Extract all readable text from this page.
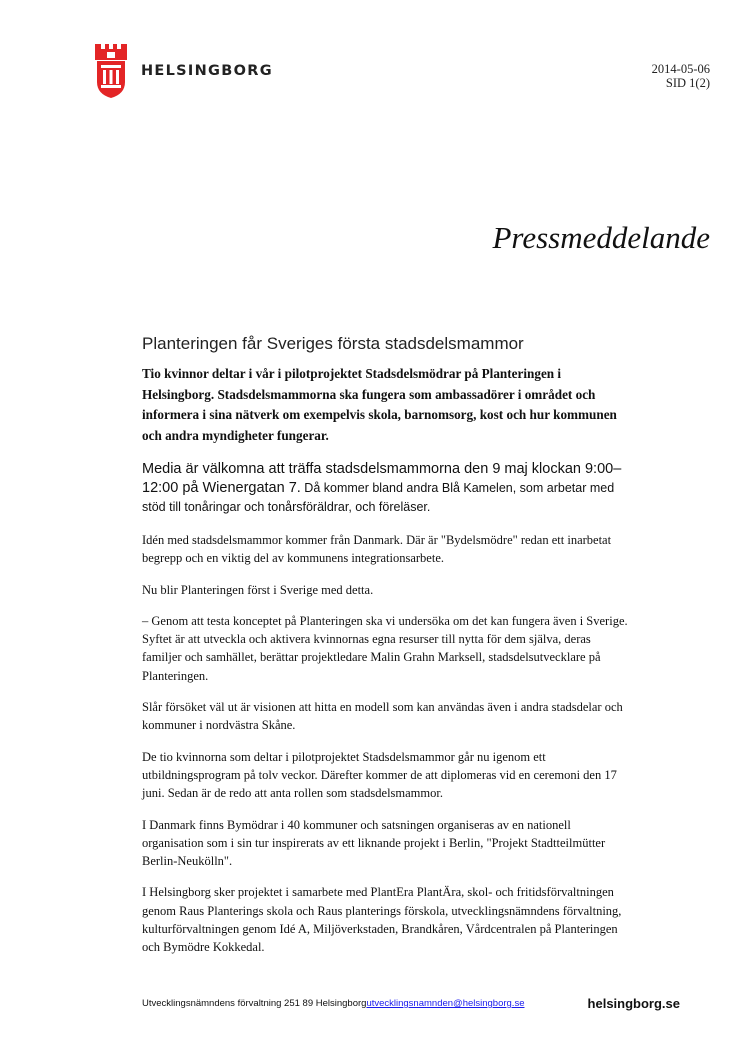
HELSINGBORG	2014-05-06
SID 1(2)
Pressmeddelande
Planteringen får Sveriges första stadsdelsmammor

Tio kvinnor deltar i vår i pilotprojektet Stadsdelsmödrar på Planteringen i Helsingborg. Stadsdelsmammorna ska fungera som ambassadörer i området och informera i sina nätverk om exempelvis skola, barnomsorg, kost och hur kommunen och andra myndigheter fungerar.

Media är välkomna att träffa stadsdelsmammorna den 9 maj klockan 9:00–12:00 på Wienergatan 7. Då kommer bland andra Blå Kamelen, som arbetar med stöd till tonåringar och tonårsföräldrar, och föreläser.

Idén med stadsdelsmammor kommer från Danmark. Där är "Bydelsmödre" redan ett inarbetat begrepp och en viktig del av kommunens integrationsarbete.

Nu blir Planteringen först i Sverige med detta.

– Genom att testa konceptet på Planteringen ska vi undersöka om det kan fungera även i Sverige. Syftet är att utveckla och aktivera kvinnornas egna resurser till nytta för dem själva, deras familjer och samhället, berättar projektledare Malin Grahn Marksell, stadsdelsutvecklare på Planteringen.

Slår försöket väl ut är visionen att hitta en modell som kan användas även i andra stadsdelar och kommuner i nordvästra Skåne.

De tio kvinnorna som deltar i pilotprojektet Stadsdelsmammor går nu igenom ett utbildningsprogram på tolv veckor. Därefter kommer de att diplomeras vid en ceremoni den 17 juni. Sedan är de redo att anta rollen som stadsdelsmammor.

I Danmark finns Bymödrar i 40 kommuner och satsningen organiseras av en nationell organisation som i sin tur inspirerats av ett liknande projekt i Berlin, "Projekt Stadtteilmütter Berlin-Neukölln".

I Helsingborg sker projektet i samarbete med PlantEra PlantÄra, skol- och fritidsförvaltningen genom Raus Planterings skola och Raus planterings förskola, utvecklingsnämndens förvaltning, kulturförvaltningen genom Idé A, Miljöverkstaden, Brandkåren, Vårdcentralen på Planteringen och Bymödre Kokkedal.

Utvecklingsnämndens förvaltning 251 89 Helsingborgutvecklingsnamnden@helsingborg.se	helsingborg.se
